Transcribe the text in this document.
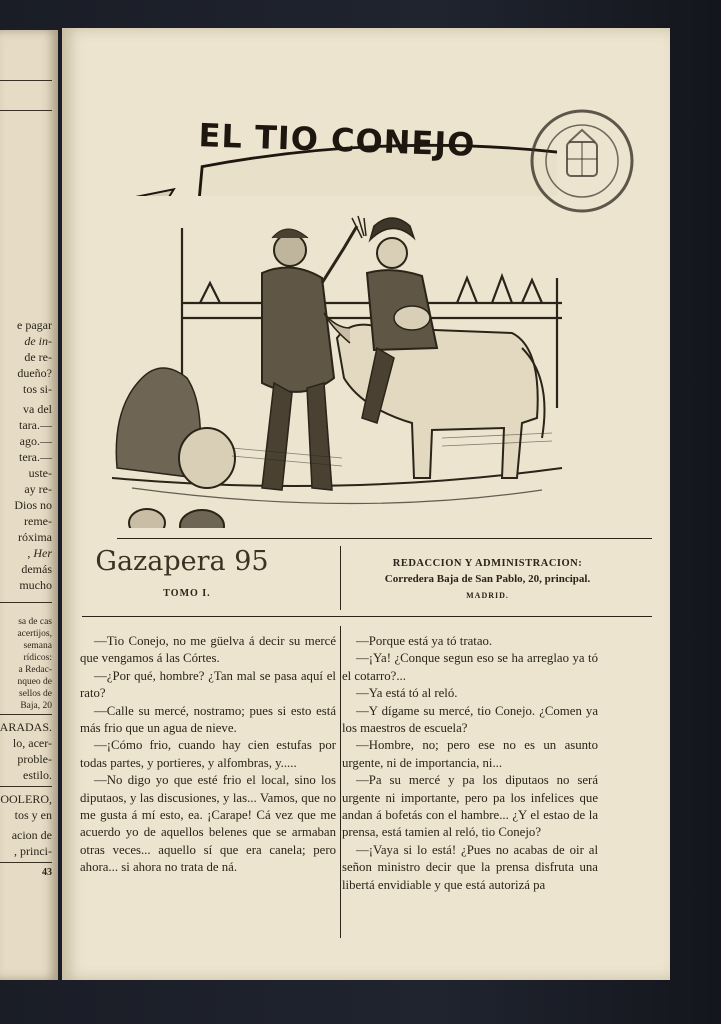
e pagar
de in-
de re-
dueño?
tos si-
va del
tara.—
ago.—
tera.—
uste-
ay re-
Dios no
reme-
róxima
, Her
demás
mucho
sa de cas
acertijos,
semana
rídicos:
a Redac-
nqueo de
sellos de
Baja, 20
ARADAS.
lo, acer-
proble-
estilo.
OOLERO,
tos y en
acion de
, princi-
43
EL TIO CONEJO
Gazapera 95
TOMO I.
REDACCION Y ADMINISTRACION:
Corredera Baja de San Pablo, 20, principal.
MADRID.

—Tio Conejo, no me güelva á decir su mercé que vengamos á las Córtes.

—¿Por qué, hombre? ¿Tan mal se pasa aquí el rato?

—Calle su mercé, nostramo; pues si esto está más frio que un agua de nieve.

—¡Cómo frio, cuando hay cien estufas por todas partes, y portieres, y alfombras, y.....

—No digo yo que esté frio el local, sino los diputaos, y las discusiones, y las... Vamos, que no me gusta á mí esto, ea. ¡Carape! Cá vez que me acuerdo yo de aquellos belenes que se armaban otras veces... aquello sí que era canela; pero ahora... si ahora no trata de ná.

—Porque está ya tó tratao.

—¡Ya! ¿Conque segun eso se ha arreglao ya tó el cotarro?...

—Ya está tó al reló.

—Y dígame su mercé, tio Conejo. ¿Comen ya los maestros de escuela?

—Hombre, no; pero ese no es un asunto urgente, ni de importancia, ni...

—Pa su mercé y pa los diputaos no será urgente ni importante, pero pa los infelices que andan á bofetás con el hambre... ¿Y el estao de la prensa, está tamien al reló, tio Conejo?

—¡Vaya si lo está! ¿Pues no acabas de oir al señon ministro decir que la prensa disfruta una libertá envidiable y que está autorizá pa
